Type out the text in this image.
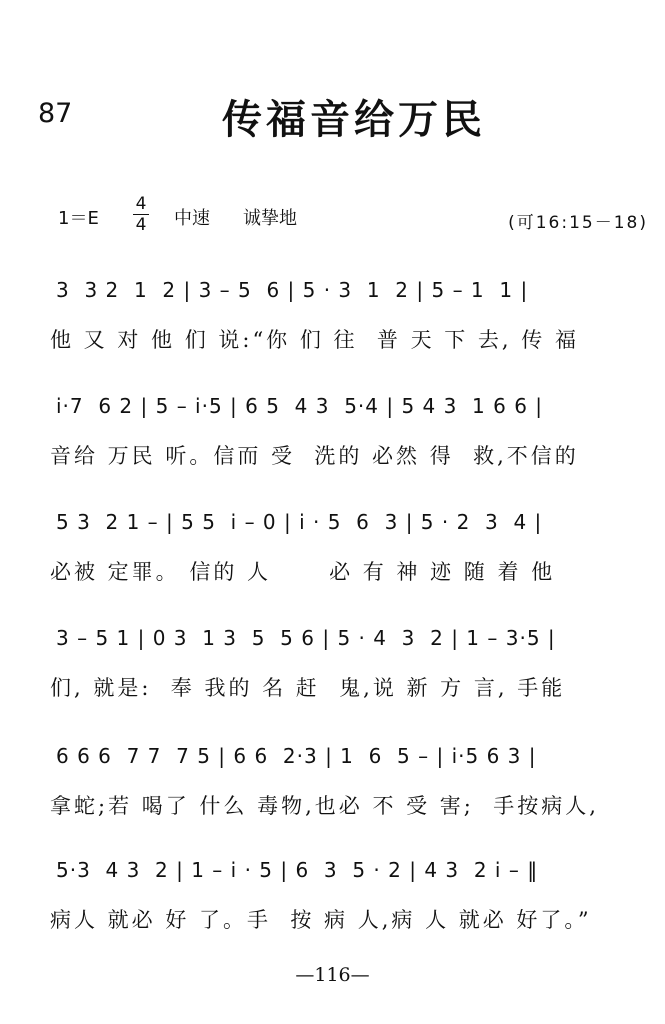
87	传福音给万民
1＝E
4
4 中速 诚挚地	(可16:15－18)
3  3 2  1  2 | 3 – 5  6 | 5 · 3  1  2 | 5 – 1  1 |
他 又 对 他 们 说:“你 们 往  普 天 下 去, 传 福
i·7  6 2 | 5 – i·5 | 6 5  4 3  5·4 | 5 4 3  1 6 6 |
音给 万民 听。信而 受  洗的 必然 得  救,不信的
5 3  2 1 – | 5 5  i – 0 | i · 5  6  3 | 5 · 2  3  4 |
必被 定罪。 信的 人      必 有 神 迹 随 着 他
3 – 5 1 | 0 3  1 3  5  5 6 | 5 · 4  3  2 | 1 – 3·5 |
们, 就是:  奉 我的 名 赶  鬼,说 新 方 言, 手能
6 6 6  7 7  7 5 | 6 6  2·3 | 1  6  5 – | i·5 6 3 |
拿蛇;若 喝了 什么 毒物,也必 不 受 害;  手按病人,
5·3  4 3  2 | 1 – i · 5 | 6  3  5 · 2 | 4 3  2 i – ‖
病人 就必 好 了。手  按 病 人,病 人 就必 好了。”
—116—
